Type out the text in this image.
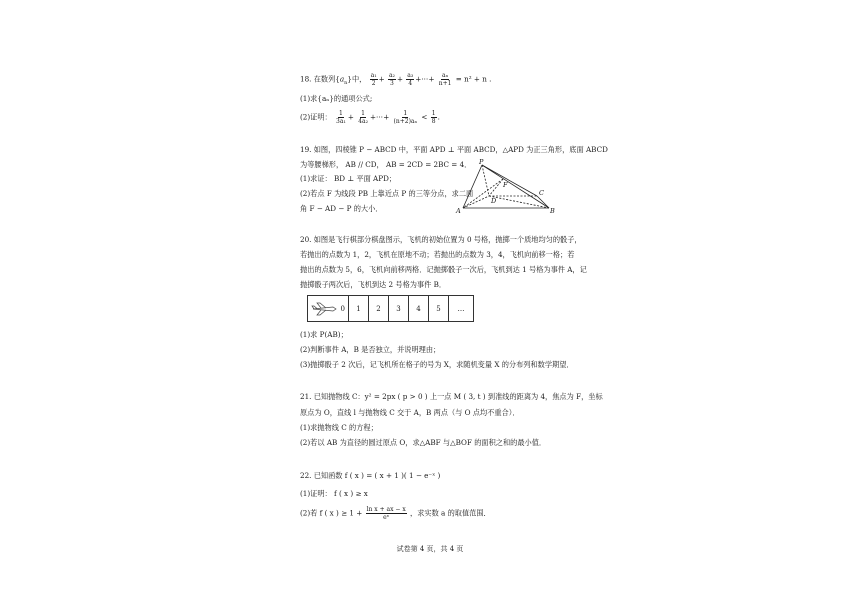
18. 在数列$\{a_n\}$中， $\frac{\text{a₁}}{2} + \frac{\text{a₂}}{3} + \frac{\text{a₃}}{4}$ +⋯+ $\frac{\text{aₙ}}{n+1} = n^2 + n$ .
(1)求{aₙ}的通项公式;
(2)证明： $\frac{1}{\text{3a₁}} + \frac{1}{\text{4a₂}}$ +⋯+ $\frac{1}{\text{(n+2)aₙ}} < \frac{1}{8}$ .
19. 如图，四棱锥 P − ABCD 中，平面 APD ⊥ 平面 ABCD，△APD 为正三角形，底面 ABCD
为等腰梯形， AB // CD， AB = 2CD = 2BC = 4．
(1)求证： BD ⊥ 平面 APD；
(2)若点 F 为线段 PB 上靠近点 P 的三等分点，求二面
角 F − AD − P 的大小．
P
A	B
C
D
F
20. 如图是飞行棋部分棋盘图示，飞机的初始位置为 0 号格，抛掷一个质地均匀的骰子，
若抛出的点数为 1，2，飞机在原地不动；若抛出的点数为 3，4，飞机向前移一格；若
抛出的点数为 5，6，飞机向前移两格．记抛掷骰子一次后，飞机到达 1 号格为事件 A，记
抛掷骰子两次后，飞机到达 2 号格为事件 B．
0	1	2	3	4	5	…
(1)求 P(AB)；
(2)判断事件 A，B 是否独立，并说明理由；
(3)抛掷骰子 2 次后，记飞机所在格子的号为 X，求随机变量 X 的分布列和数学期望．
21. 已知抛物线 C：y² = 2px ( p > 0 ) 上一点 M ( 3, t ) 到准线的距离为 4，焦点为 F，坐标
原点为 O，直线 l 与抛物线 C 交于 A，B 两点（与 O 点均不重合）．
(1)求抛物线 C 的方程；
(2)若以 AB 为直径的圆过原点 O，求△ABF 与△BOF 的面积之和的最小值．
22. 已知函数 f ( x ) = ( x + 1 )( 1 − e⁻ˣ )
(1)证明： f ( x ) ≥ x
(2)若 f ( x ) ≥ $1 + \frac{\text{ln x + ax − x}}{\text{eˣ}}$ ，求实数 a 的取值范围．
试卷第 4 页，共 4 页
